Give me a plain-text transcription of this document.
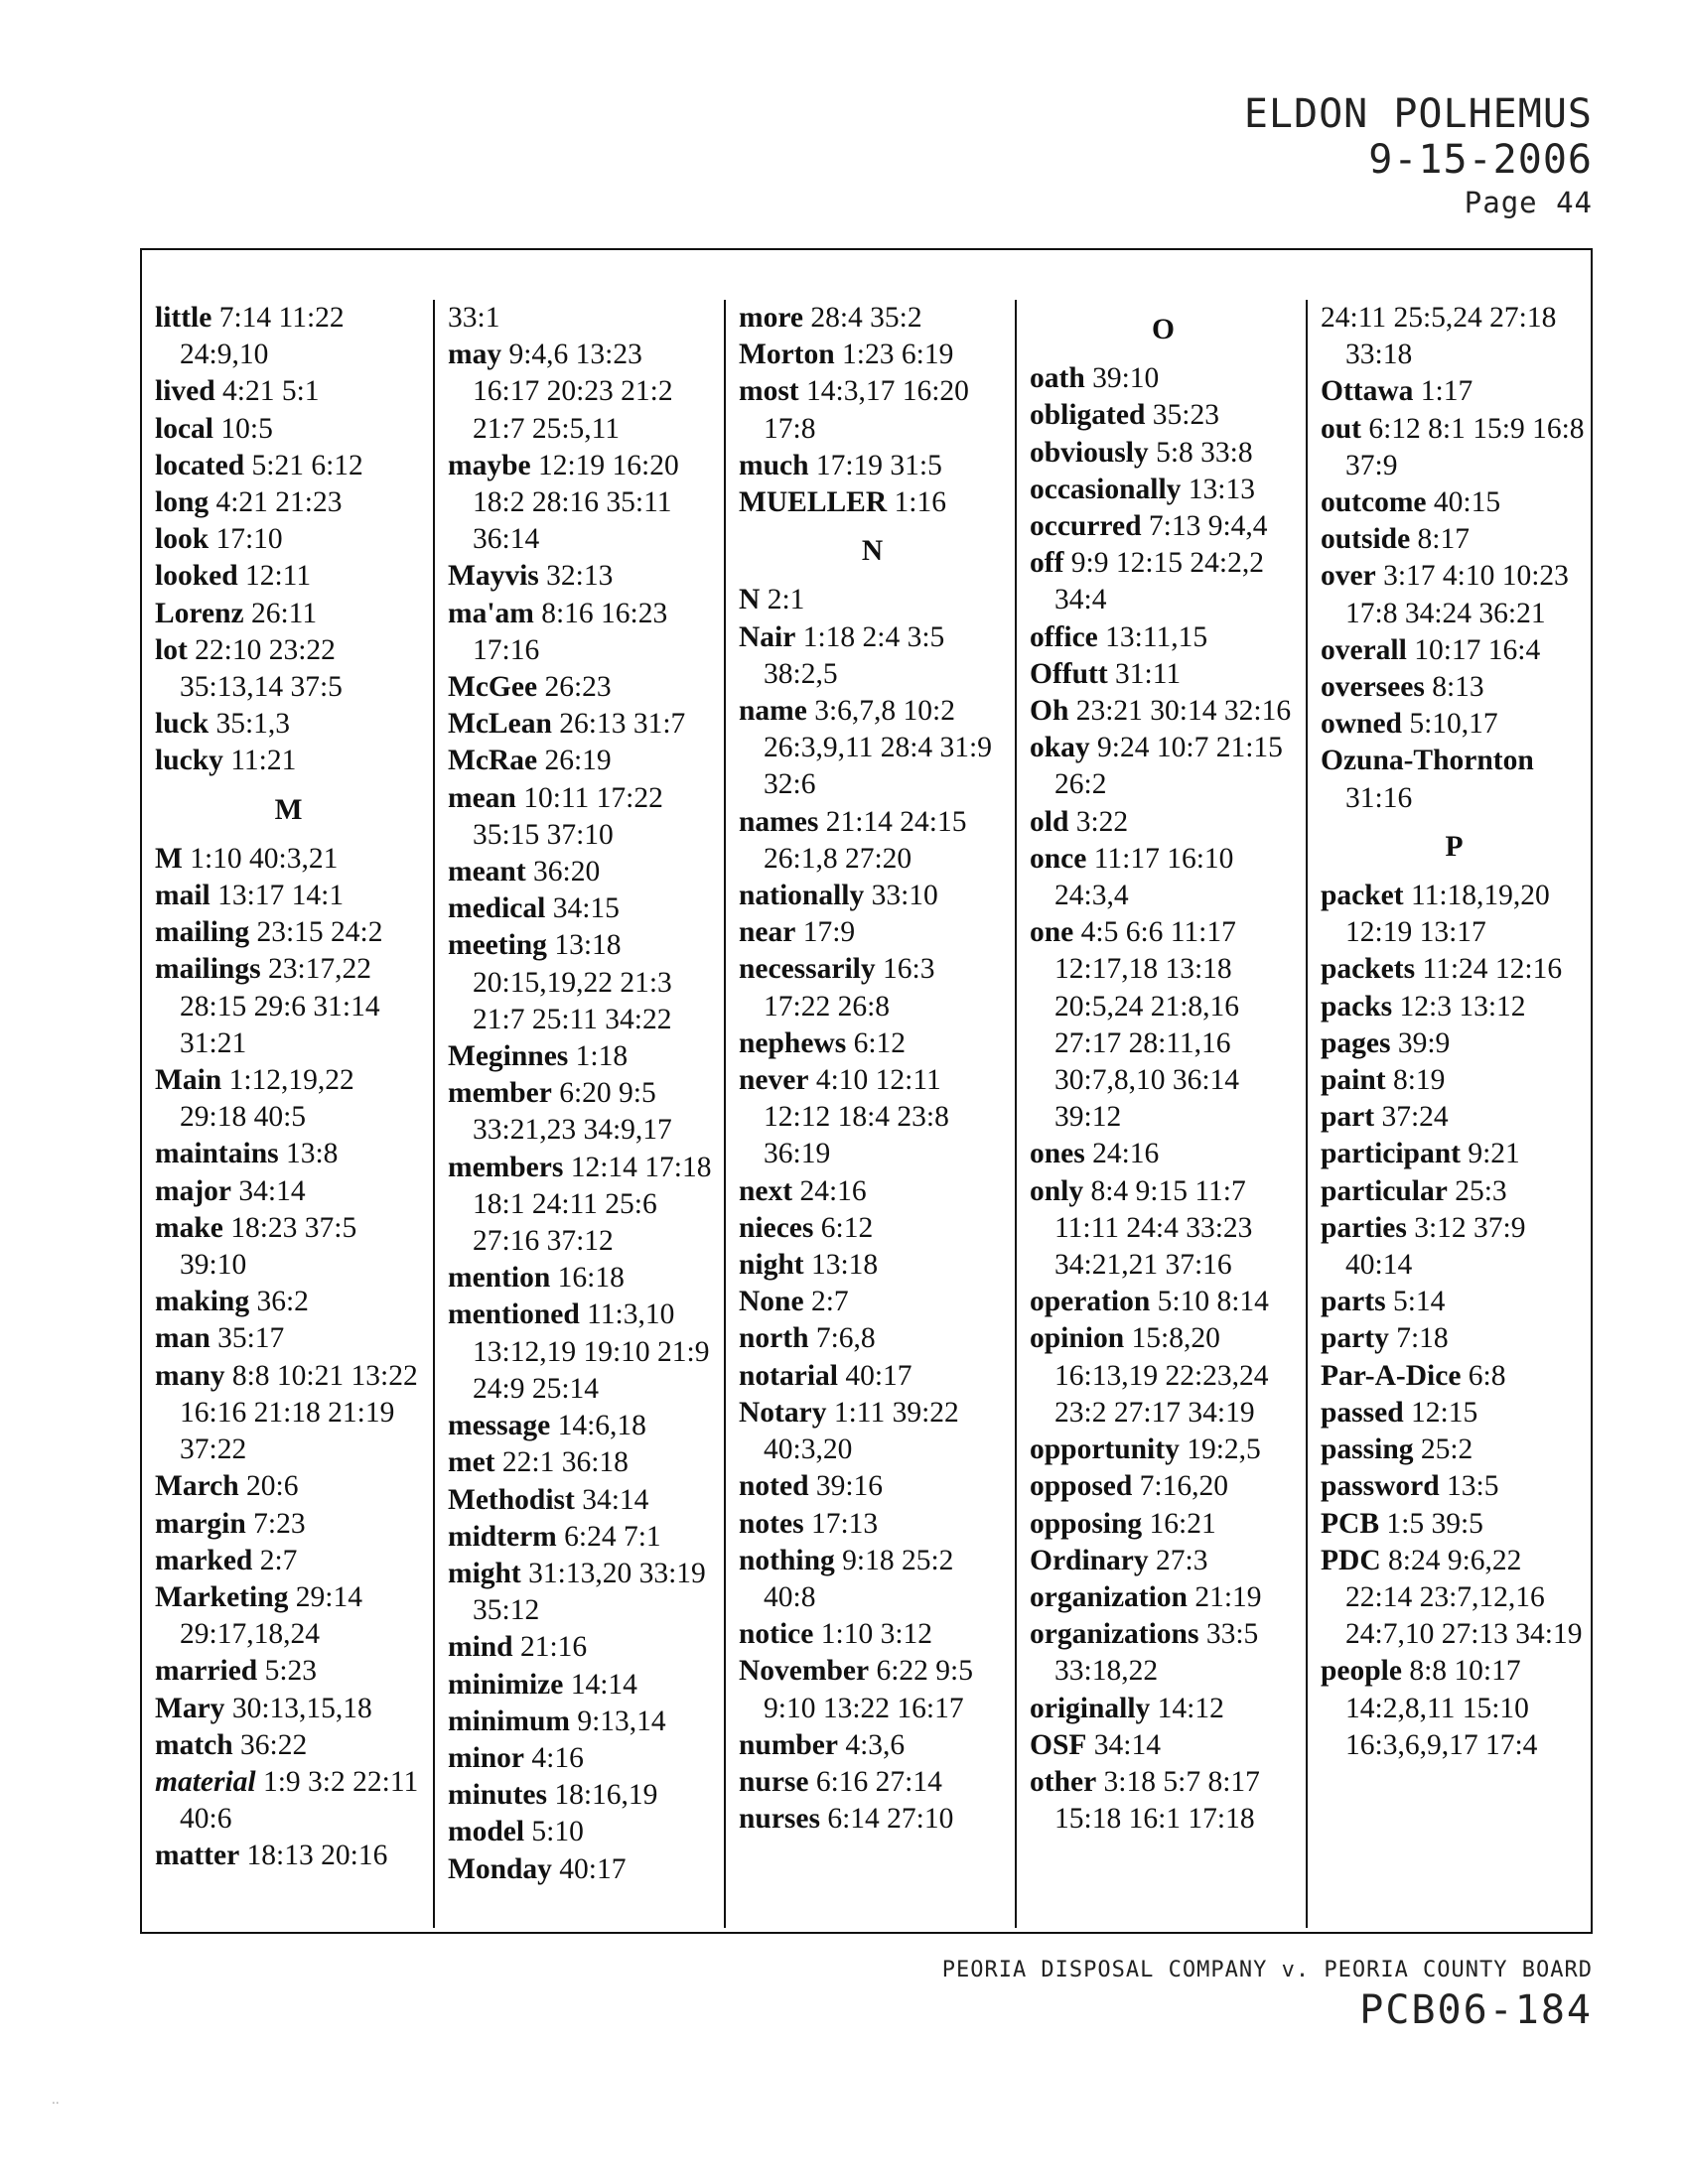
ELDON POLHEMUS
9-15-2006
Page 44
little 7:14 11:22 24:9,10
lived 4:21 5:1
local 10:5
located 5:21 6:12
long 4:21 21:23
look 17:10
looked 12:11
Lorenz 26:11
lot 22:10 23:22 35:13,14 37:5
luck 35:1,3
lucky 11:21
M
M 1:10 40:3,21
mail 13:17 14:1
mailing 23:15 24:2
mailings 23:17,22 28:15 29:6 31:14 31:21
Main 1:12,19,22 29:18 40:5
maintains 13:8
major 34:14
make 18:23 37:5 39:10
making 36:2
man 35:17
many 8:8 10:21 13:22 16:16 21:18 21:19 37:22
March 20:6
margin 7:23
marked 2:7
Marketing 29:14 29:17,18,24
married 5:23
Mary 30:13,15,18
match 36:22
material 1:9 3:2 22:11 40:6
matter 18:13 20:16
33:1
may 9:4,6 13:23 16:17 20:23 21:2 21:7 25:5,11
maybe 12:19 16:20 18:2 28:16 35:11 36:14
Mayvis 32:13
ma'am 8:16 16:23 17:16
McGee 26:23
McLean 26:13 31:7
McRae 26:19
mean 10:11 17:22 35:15 37:10
meant 36:20
medical 34:15
meeting 13:18 20:15,19,22 21:3 21:7 25:11 34:22
Meginnes 1:18
member 6:20 9:5 33:21,23 34:9,17
members 12:14 17:18 18:1 24:11 25:6 27:16 37:12
mention 16:18
mentioned 11:3,10 13:12,19 19:10 21:9 24:9 25:14
message 14:6,18
met 22:1 36:18
Methodist 34:14
midterm 6:24 7:1
might 31:13,20 33:19 35:12
mind 21:16
minimize 14:14
minimum 9:13,14
minor 4:16
minutes 18:16,19
model 5:10
Monday 40:17
more 28:4 35:2
Morton 1:23 6:19
most 14:3,17 16:20 17:8
much 17:19 31:5
MUELLER 1:16
N
N 2:1
Nair 1:18 2:4 3:5 38:2,5
name 3:6,7,8 10:2 26:3,9,11 28:4 31:9 32:6
names 21:14 24:15 26:1,8 27:20
nationally 33:10
near 17:9
necessarily 16:3 17:22 26:8
nephews 6:12
never 4:10 12:11 12:12 18:4 23:8 36:19
next 24:16
nieces 6:12
night 13:18
None 2:7
north 7:6,8
notarial 40:17
Notary 1:11 39:22 40:3,20
noted 39:16
notes 17:13
nothing 9:18 25:2 40:8
notice 1:10 3:12
November 6:22 9:5 9:10 13:22 16:17
number 4:3,6
nurse 6:16 27:14
nurses 6:14 27:10
O
oath 39:10
obligated 35:23
obviously 5:8 33:8
occasionally 13:13
occurred 7:13 9:4,4
off 9:9 12:15 24:2,2 34:4
office 13:11,15
Offutt 31:11
Oh 23:21 30:14 32:16
okay 9:24 10:7 21:15 26:2
old 3:22
once 11:17 16:10 24:3,4
one 4:5 6:6 11:17 12:17,18 13:18 20:5,24 21:8,16 27:17 28:11,16 30:7,8,10 36:14 39:12
ones 24:16
only 8:4 9:15 11:7 11:11 24:4 33:23 34:21,21 37:16
operation 5:10 8:14
opinion 15:8,20 16:13,19 22:23,24 23:2 27:17 34:19
opportunity 19:2,5
opposed 7:16,20
opposing 16:21
Ordinary 27:3
organization 21:19
organizations 33:5 33:18,22
originally 14:12
OSF 34:14
other 3:18 5:7 8:17 15:18 16:1 17:18
24:11 25:5,24 27:18 33:18
Ottawa 1:17
out 6:12 8:1 15:9 16:8 37:9
outcome 40:15
outside 8:17
over 3:17 4:10 10:23 17:8 34:24 36:21
overall 10:17 16:4
oversees 8:13
owned 5:10,17
Ozuna-Thornton 31:16
P
packet 11:18,19,20 12:19 13:17
packets 11:24 12:16
packs 12:3 13:12
pages 39:9
paint 8:19
part 37:24
participant 9:21
particular 25:3
parties 3:12 37:9 40:14
parts 5:14
party 7:18
Par-A-Dice 6:8
passed 12:15
passing 25:2
password 13:5
PCB 1:5 39:5
PDC 8:24 9:6,22 22:14 23:7,12,16 24:7,10 27:13 34:19
people 8:8 10:17 14:2,8,11 15:10 16:3,6,9,17 17:4
PEORIA DISPOSAL COMPANY v. PEORIA COUNTY BOARD
PCB06-184
..
